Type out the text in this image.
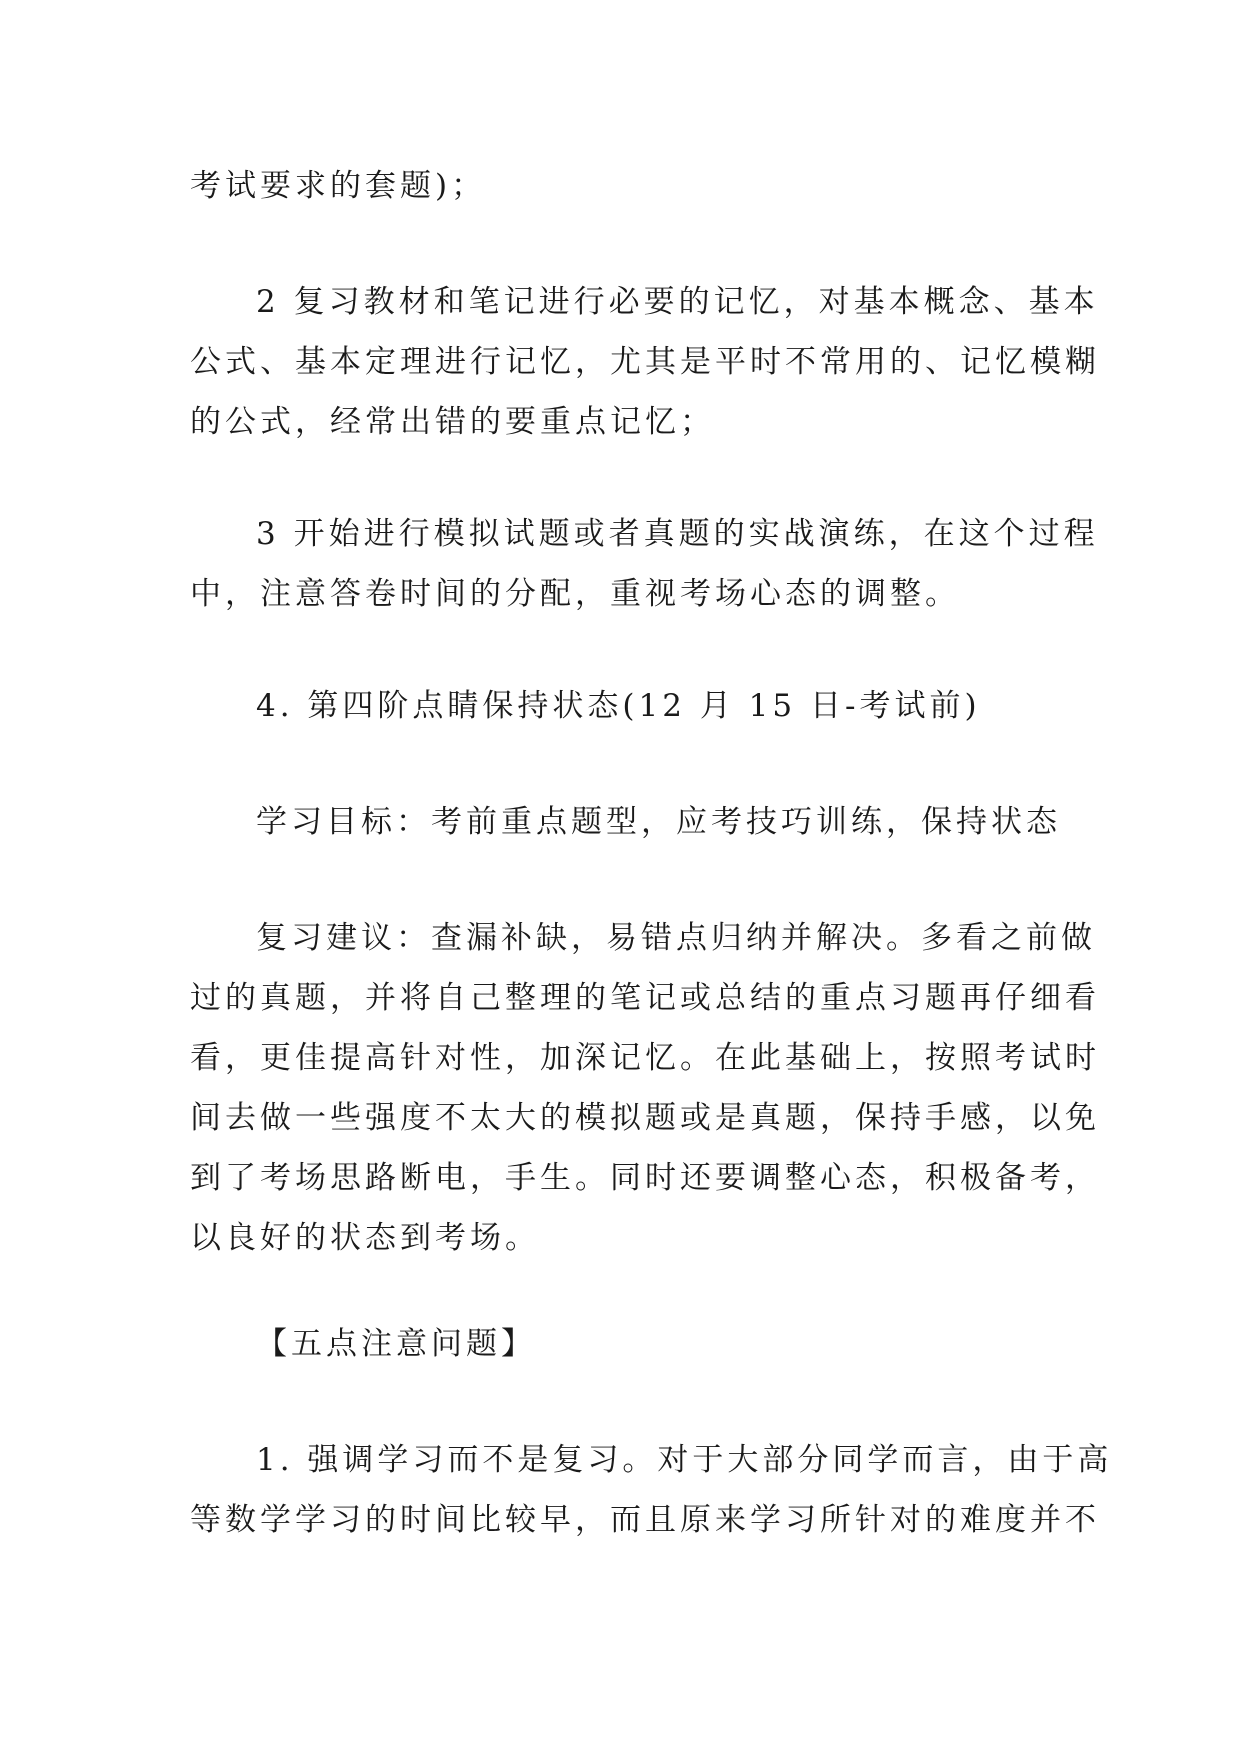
考试要求的套题)；

2 复习教材和笔记进行必要的记忆，对基本概念、基本
公式、基本定理进行记忆，尤其是平时不常用的、记忆模糊
的公式，经常出错的要重点记忆；

3 开始进行模拟试题或者真题的实战演练，在这个过程
中，注意答卷时间的分配，重视考场心态的调整。

4. 第四阶点睛保持状态(12 月 15 日-考试前)

学习目标：考前重点题型，应考技巧训练，保持状态

复习建议：查漏补缺，易错点归纳并解决。多看之前做
过的真题，并将自己整理的笔记或总结的重点习题再仔细看
看，更佳提高针对性，加深记忆。在此基础上，按照考试时
间去做一些强度不太大的模拟题或是真题，保持手感，以免
到了考场思路断电，手生。同时还要调整心态，积极备考，
以良好的状态到考场。

【五点注意问题】

1. 强调学习而不是复习。对于大部分同学而言，由于高
等数学学习的时间比较早，而且原来学习所针对的难度并不
